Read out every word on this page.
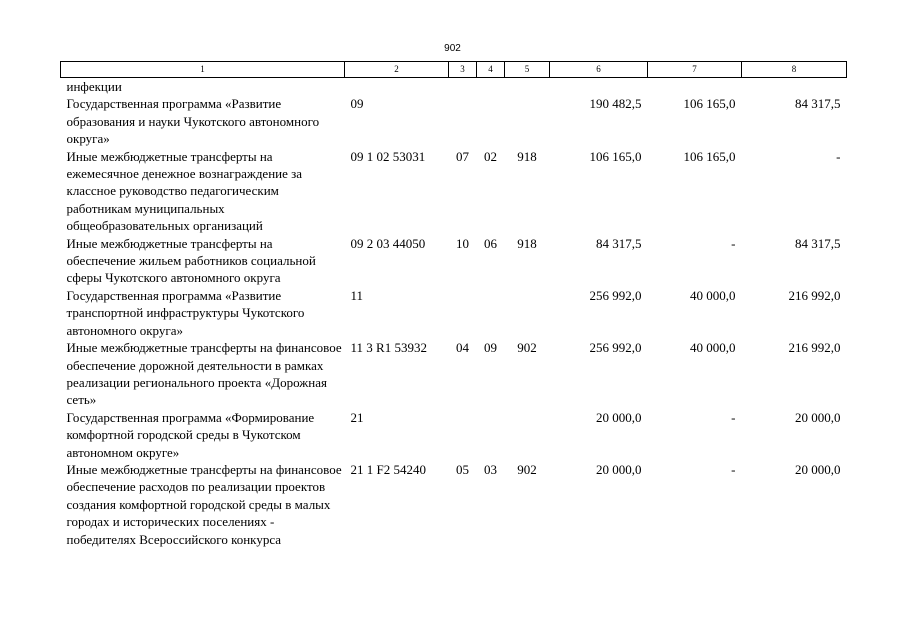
902
1	2	3	4	5	6	7	8
инфекции							
Государственная программа «Развитие образования и науки Чукотского автономного округа»	09				190 482,5	106 165,0	84 317,5
Иные межбюджетные трансферты на ежемесячное денежное вознаграждение за классное руководство педагогическим работникам муниципальных общеобразовательных организаций	09 1 02 53031	07	02	918	106 165,0	106 165,0	-
Иные межбюджетные трансферты на обеспечение жильем работников социальной сферы Чукотского автономного округа	09 2 03 44050	10	06	918	84 317,5	-	84 317,5
Государственная программа «Развитие транспортной инфраструктуры Чукотского автономного округа»	11				256 992,0	40 000,0	216 992,0
Иные межбюджетные трансферты на финансовое обеспечение дорожной деятельности в рамках реализации регионального проекта «Дорожная сеть»	11 3 R1 53932	04	09	902	256 992,0	40 000,0	216 992,0
Государственная программа «Формирование комфортной городской среды в Чукотском автономном округе»	21				20 000,0	-	20 000,0
Иные межбюджетные трансферты на финансовое обеспечение расходов по реализации проектов создания комфортной городской среды в малых городах и исторических поселениях - победителях Всероссийского конкурса	21 1 F2 54240	05	03	902	20 000,0	-	20 000,0
